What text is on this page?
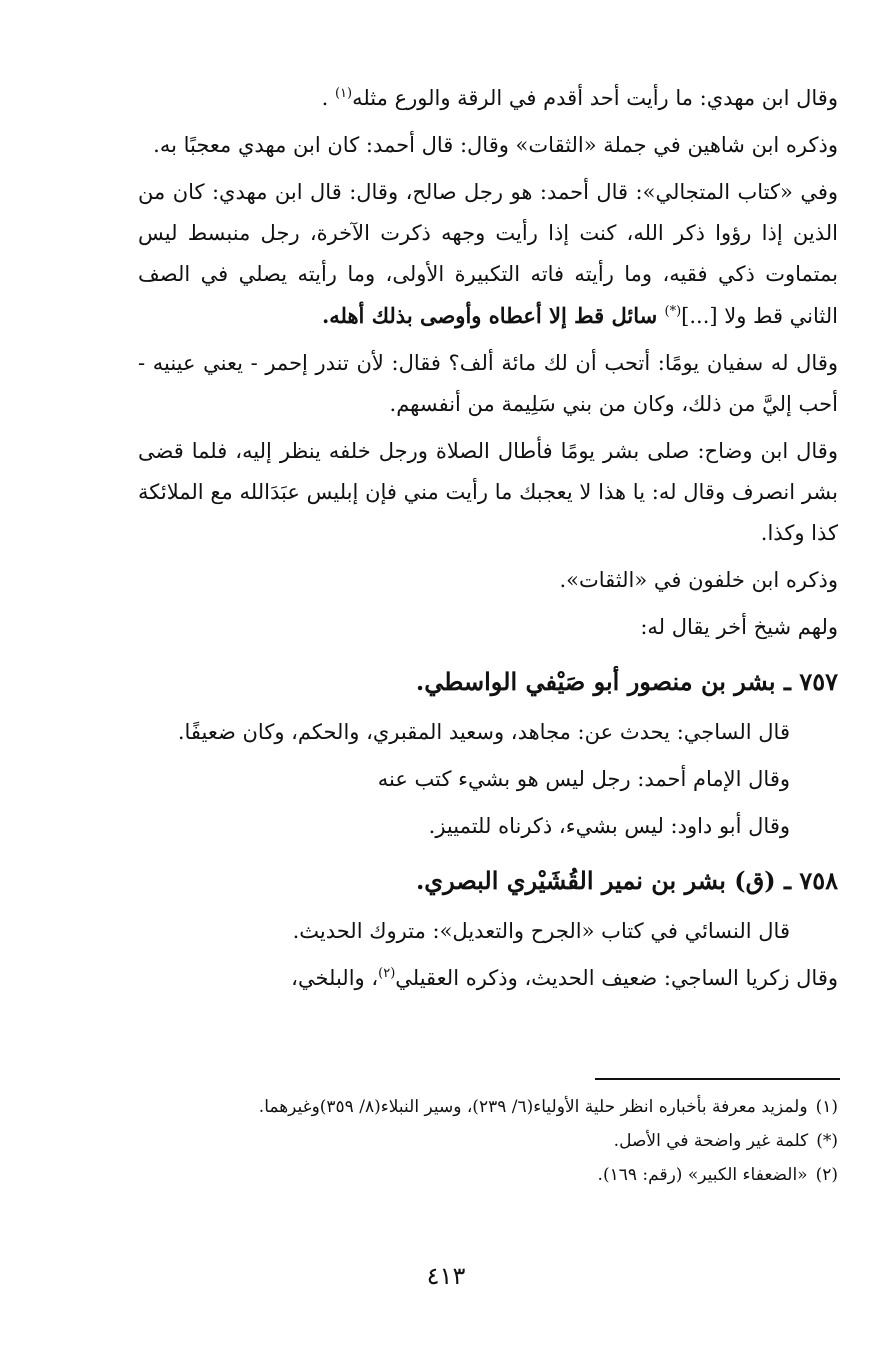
وقال ابن مهدي: ما رأيت أحد أقدم في الرقة والورع مثله$^{(١)}$ .

وذكره ابن شاهين في جملة «الثقات» وقال: قال أحمد: كان ابن مهدي معجبًا به.

وفي «كتاب المتجالي»: قال أحمد: هو رجل صالح، وقال: قال ابن مهدي: كان من الذين إذا رؤوا ذكر الله، كنت إذا رأيت وجهه ذكرت الآخرة، رجل منبسط ليس بمتماوت ذكي فقيه، وما رأيته فاته التكبيرة الأولى، وما رأيته يصلي في الصف الثاني قط ولا [...](*) سائل قط إلا أعطاه وأوصى بذلك أهله.

وقال له سفيان يومًا: أتحب أن لك مائة ألف؟ فقال: لأن تندر إحمر - يعني عينيه - أحب إليَّ من ذلك، وكان من بني سَلِيمة من أنفسهم.

وقال ابن وضاح: صلى بشر يومًا فأطال الصلاة ورجل خلفه ينظر إليه، فلما قضى بشر انصرف وقال له: يا هذا لا يعجبك ما رأيت مني فإن إبليس عبَدَالله مع الملائكة كذا وكذا.

وذكره ابن خلفون في «الثقات».

ولهم شيخ أخر يقال له:

٧٥٧ ـ بشر بن منصور أبو صَيْفي الواسطي.

قال الساجي: يحدث عن: مجاهد، وسعيد المقبري، والحكم، وكان ضعيفًا.

وقال الإمام أحمد: رجل ليس هو بشيء كتب عنه

وقال أبو داود: ليس بشيء، ذكرناه للتمييز.

٧٥٨ ـ (ق) بشر بن نمير القُشَيْري البصري.

قال النسائي في كتاب «الجرح والتعديل»: متروك الحديث.

وقال زكريا الساجي: ضعيف الحديث، وذكره العقيلي$^{(٢)}$، والبلخي،

(١)ولمزيد معرفة بأخباره انظر حلية الأولياء(٦/ ٢٣٩)، وسير النبلاء(٨/ ٣٥٩)وغيرهما.

(*)كلمة غير واضحة في الأصل.

(٢)«الضعفاء الكبير» (رقم: ١٦٩).

٤١٣
